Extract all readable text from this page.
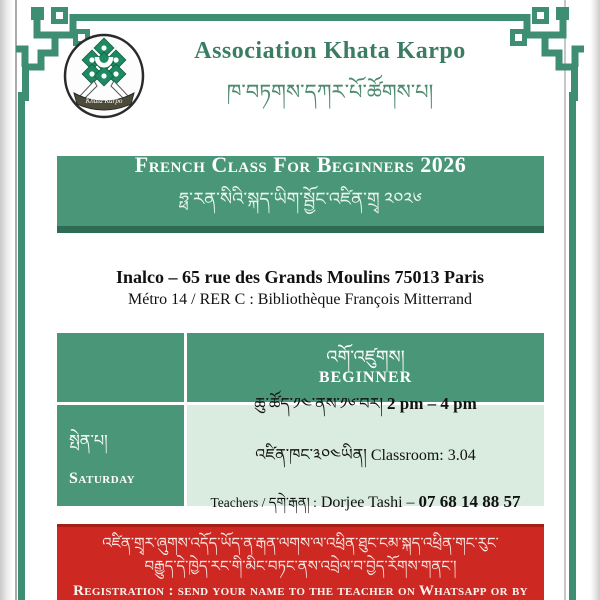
Khata Karpo
Association Khata Karpo
ཁ་བཏགས་དཀར་པོ་ཚོགས་པ།
French Class For Beginners 2026
ཧྥ་རན་སིའི་སྐད་ཡིག་སྦྱོང་འཛིན་གྲྭ ༢༠༢༦
Inalco – 65 rue des Grands Moulins 75013 Paris
Métro 14 / RER C : Bibliothèque François Mitterrand
འགོ་འཛུགས།
BEGINNER
སྤེན་པ།
Saturday
ཆུ་ཚོད་༡༤་ནས་༡༦་བར། 2 pm – 4 pm
འཛིན་ཁང་༣༠༤ཡིན། Classroom: 3.04
Teachers / དགེ་རྒན། : Dorjee Tashi – 07 68 14 88 57
འཛིན་གྲྭར་ཞུགས་འདོད་ཡོད་ན་རྒན་ལགས་ལ་འཕྲིན་ཐུང་ངམ་སྐད་འཕྲིན་གང་རུང་
བརྒྱུད་དེ་ཁྱེད་རང་གི་མིང་བཏང་ནས་འབྲེལ་བ་བྱེད་རོགས་གནང་།
Registration : send your name to the teacher on Whatsapp or by
